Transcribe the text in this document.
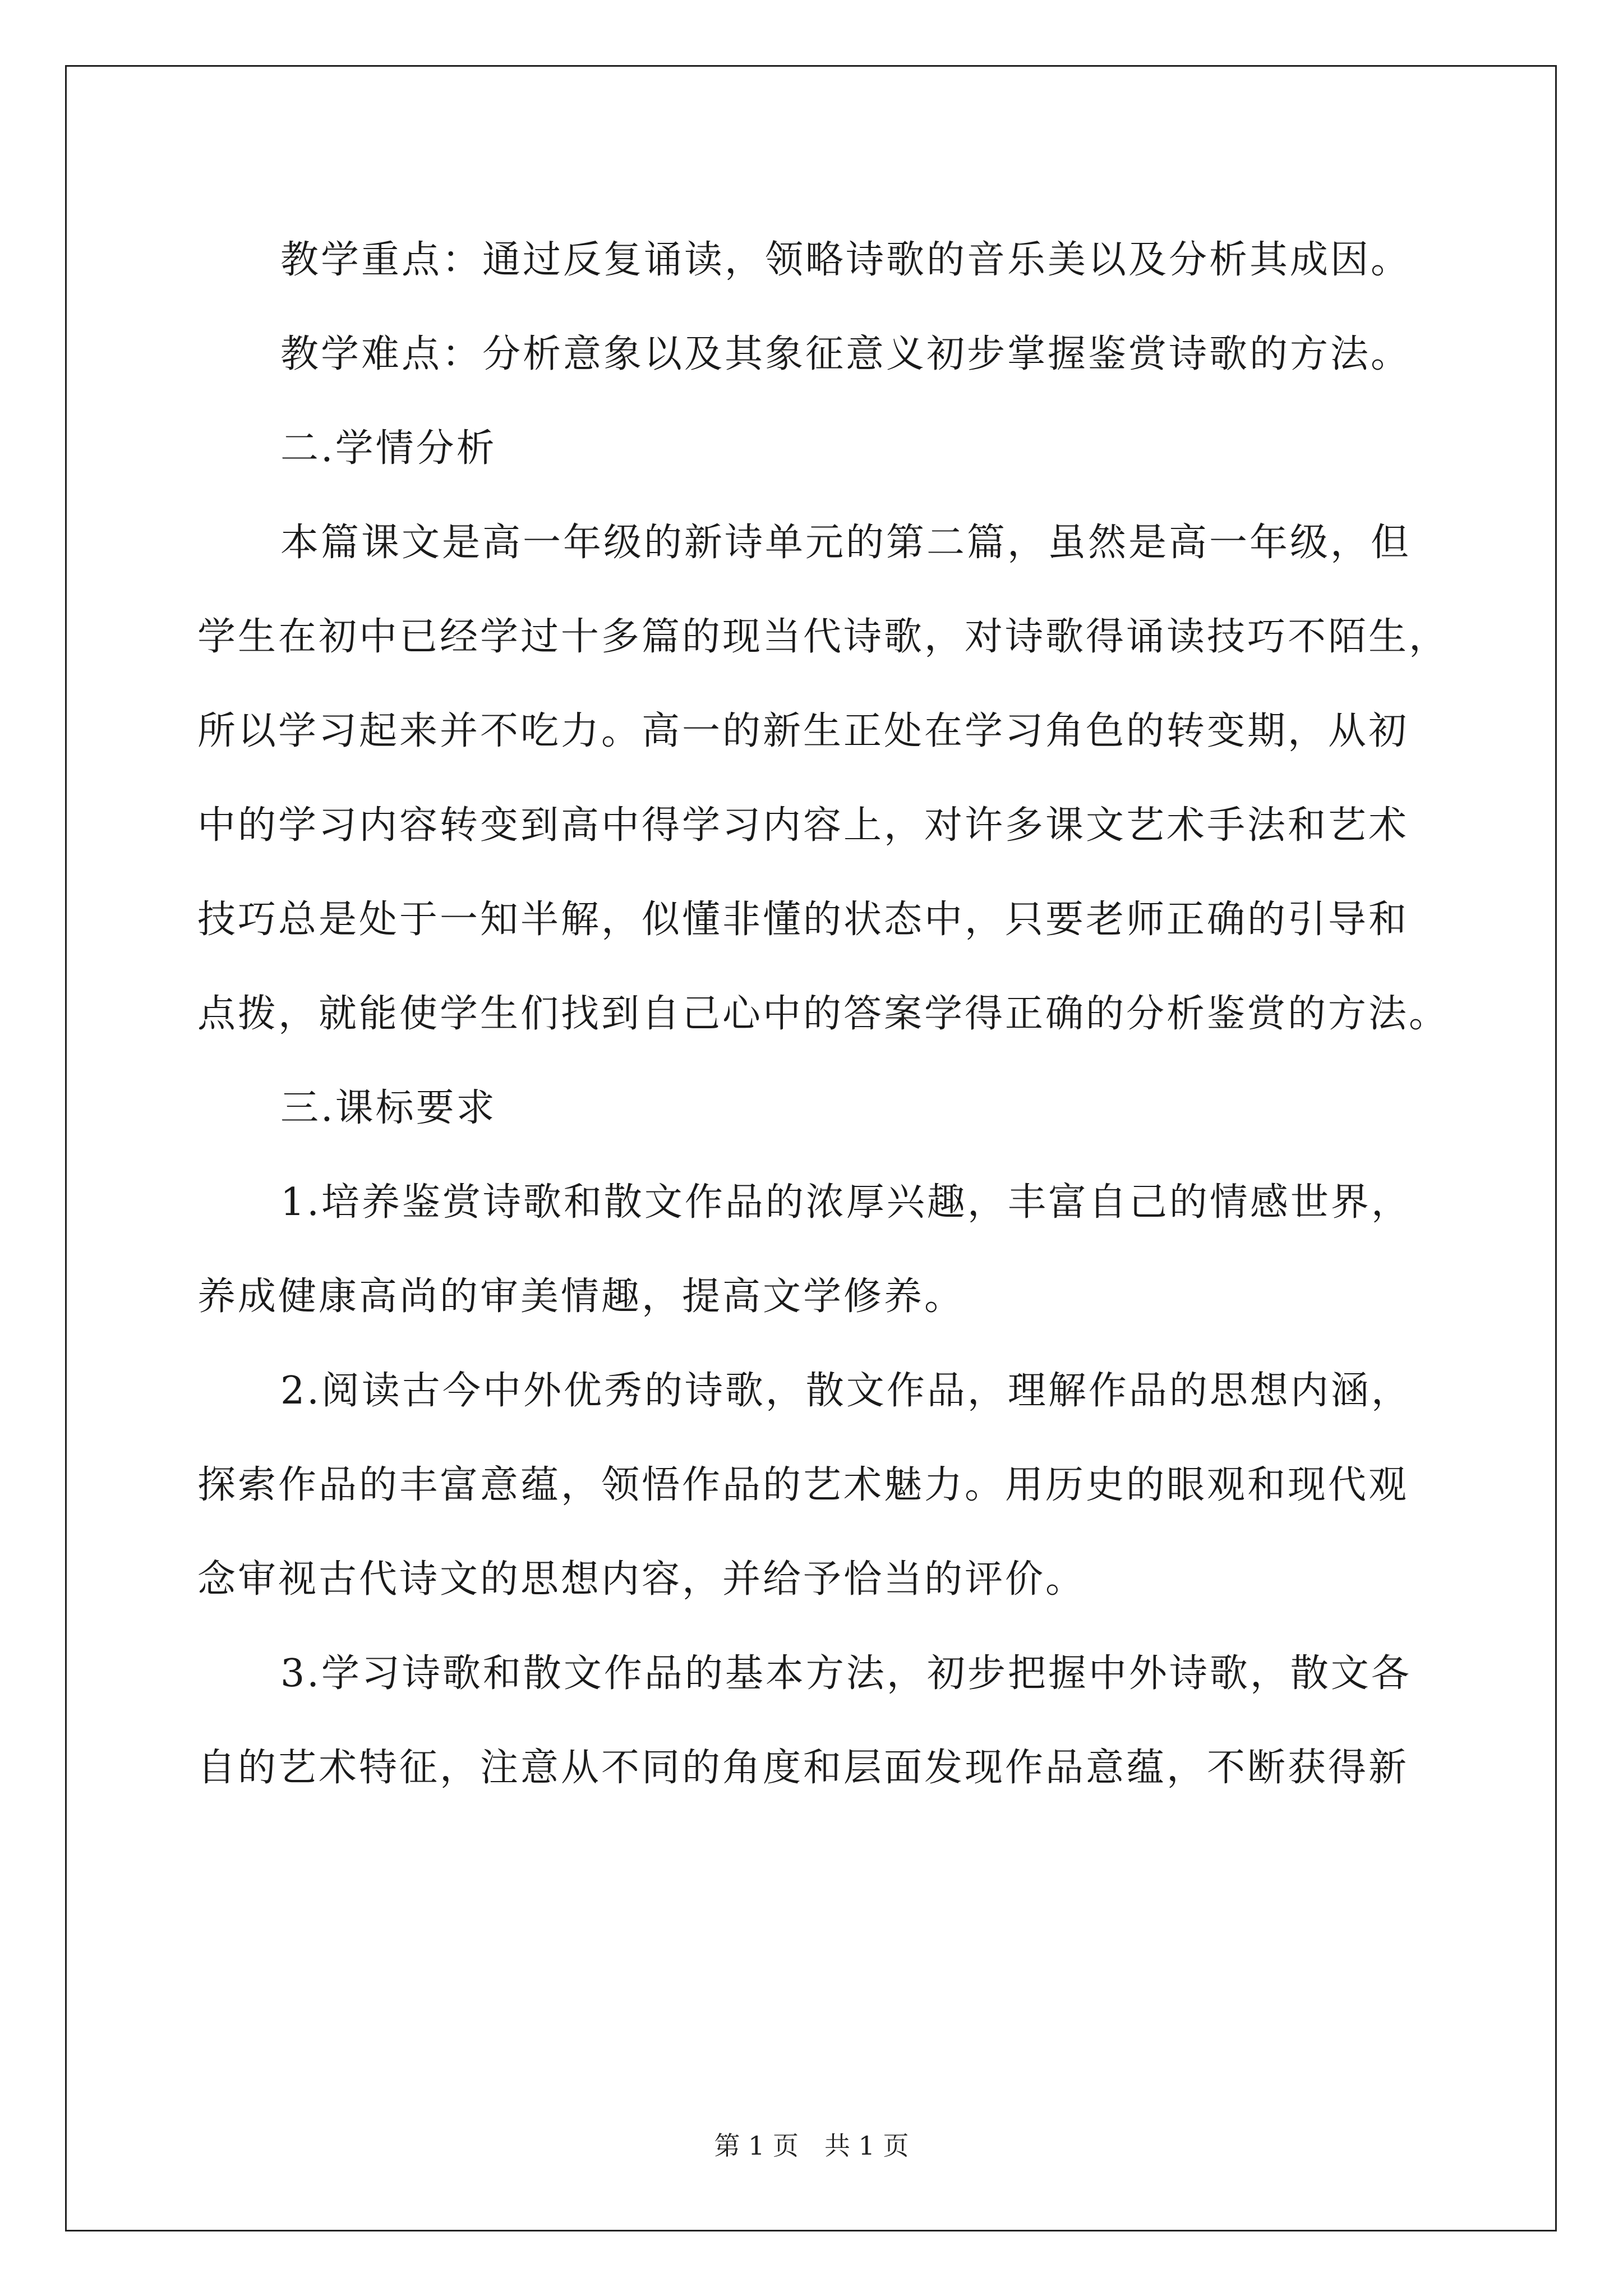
教学重点：通过反复诵读，领略诗歌的音乐美以及分析其成因。

教学难点：分析意象以及其象征意义初步掌握鉴赏诗歌的方法。

二.学情分析

本篇课文是高一年级的新诗单元的第二篇，虽然是高一年级，但

学生在初中已经学过十多篇的现当代诗歌，对诗歌得诵读技巧不陌生，

所以学习起来并不吃力。高一的新生正处在学习角色的转变期，从初

中的学习内容转变到高中得学习内容上，对许多课文艺术手法和艺术

技巧总是处于一知半解，似懂非懂的状态中，只要老师正确的引导和

点拨，就能使学生们找到自己心中的答案学得正确的分析鉴赏的方法。

三.课标要求

1.培养鉴赏诗歌和散文作品的浓厚兴趣，丰富自己的情感世界，

养成健康高尚的审美情趣，提高文学修养。

2.阅读古今中外优秀的诗歌，散文作品，理解作品的思想内涵，

探索作品的丰富意蕴，领悟作品的艺术魅力。用历史的眼观和现代观

念审视古代诗文的思想内容，并给予恰当的评价。

3.学习诗歌和散文作品的基本方法，初步把握中外诗歌，散文各

自的艺术特征，注意从不同的角度和层面发现作品意蕴，不断获得新

第 1 页　共 1 页
